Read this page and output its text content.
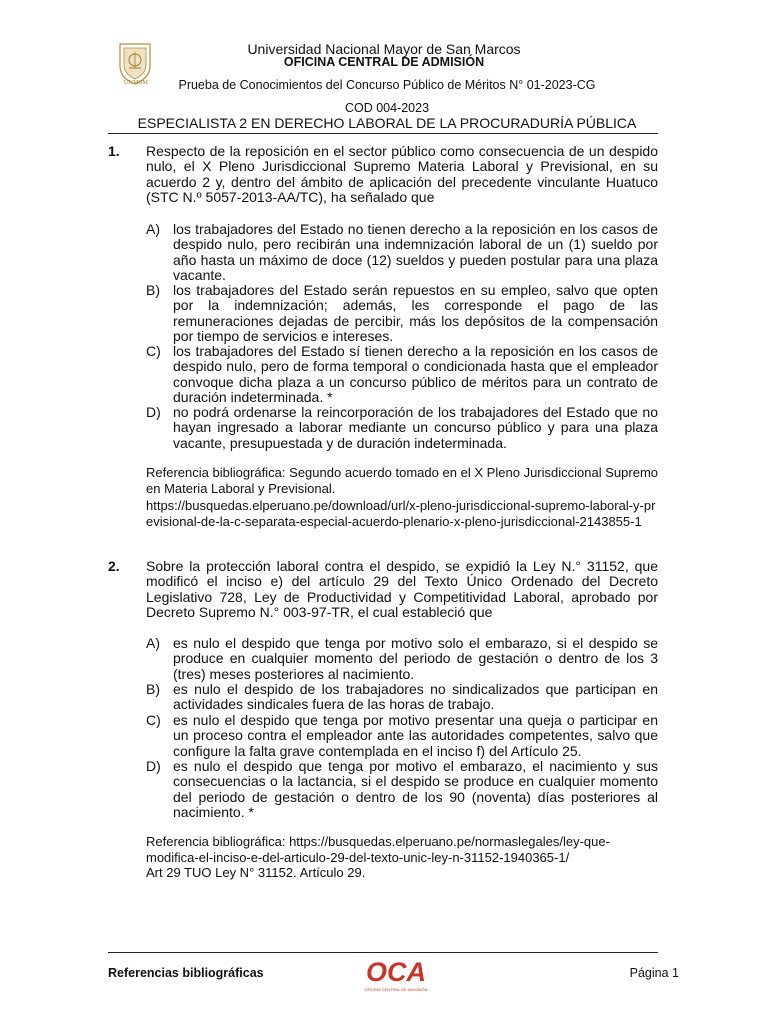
UNMSM
Universidad Nacional Mayor de San Marcos
OFICINA CENTRAL DE ADMISIÓN
Prueba de Conocimientos del Concurso Público de Méritos N° 01-2023-CG
COD 004-2023
ESPECIALISTA 2 EN DERECHO LABORAL DE LA PROCURADURÍA PÚBLICA
1. Respecto de la reposición en el sector público como consecuencia de un despido nulo, el X Pleno Jurisdiccional Supremo Materia Laboral y Previsional, en su acuerdo 2 y, dentro del ámbito de aplicación del precedente vinculante Huatuco (STC N.º 5057-2013-AA/TC), ha señalado que
A) los trabajadores del Estado no tienen derecho a la reposición en los casos de despido nulo, pero recibirán una indemnización laboral de un (1) sueldo por año hasta un máximo de doce (12) sueldos y pueden postular para una plaza vacante.
B) los trabajadores del Estado serán repuestos en su empleo, salvo que opten por la indemnización; además, les corresponde el pago de las remuneraciones dejadas de percibir, más los depósitos de la compensación por tiempo de servicios e intereses.
C) los trabajadores del Estado sí tienen derecho a la reposición en los casos de despido nulo, pero de forma temporal o condicionada hasta que el empleador convoque dicha plaza a un concurso público de méritos para un contrato de duración indeterminada. *
D) no podrá ordenarse la reincorporación de los trabajadores del Estado que no hayan ingresado a laborar mediante un concurso público y para una plaza vacante, presupuestada y de duración indeterminada.
Referencia bibliográfica: Segundo acuerdo tomado en el X Pleno Jurisdiccional Supremo en Materia Laboral y Previsional.
https://busquedas.elperuano.pe/download/url/x-pleno-jurisdiccional-supremo-laboral-y-previsional-de-la-c-separata-especial-acuerdo-plenario-x-pleno-jurisdiccional-2143855-1
2. Sobre la protección laboral contra el despido, se expidió la Ley N.° 31152, que modificó el inciso e) del artículo 29 del Texto Único Ordenado del Decreto Legislativo 728, Ley de Productividad y Competitividad Laboral, aprobado por Decreto Supremo N.° 003-97-TR, el cual estableció que
A) es nulo el despido que tenga por motivo solo el embarazo, si el despido se produce en cualquier momento del periodo de gestación o dentro de los 3 (tres) meses posteriores al nacimiento.
B) es nulo el despido de los trabajadores no sindicalizados que participan en actividades sindicales fuera de las horas de trabajo.
C) es nulo el despido que tenga por motivo presentar una queja o participar en un proceso contra el empleador ante las autoridades competentes, salvo que configure la falta grave contemplada en el inciso f) del Artículo 25.
D) es nulo el despido que tenga por motivo el embarazo, el nacimiento y sus consecuencias o la lactancia, si el despido se produce en cualquier momento del periodo de gestación o dentro de los 90 (noventa) días posteriores al nacimiento. *
Referencia bibliográfica: https://busquedas.elperuano.pe/normaslegales/ley-que-modifica-el-inciso-e-del-articulo-29-del-texto-unic-ley-n-31152-1940365-1/
Art 29 TUO Ley N° 31152. Artículo 29.
Referencias bibliográficas	OCA
OFICINA CENTRAL DE ADMISIÓN
Página 1
